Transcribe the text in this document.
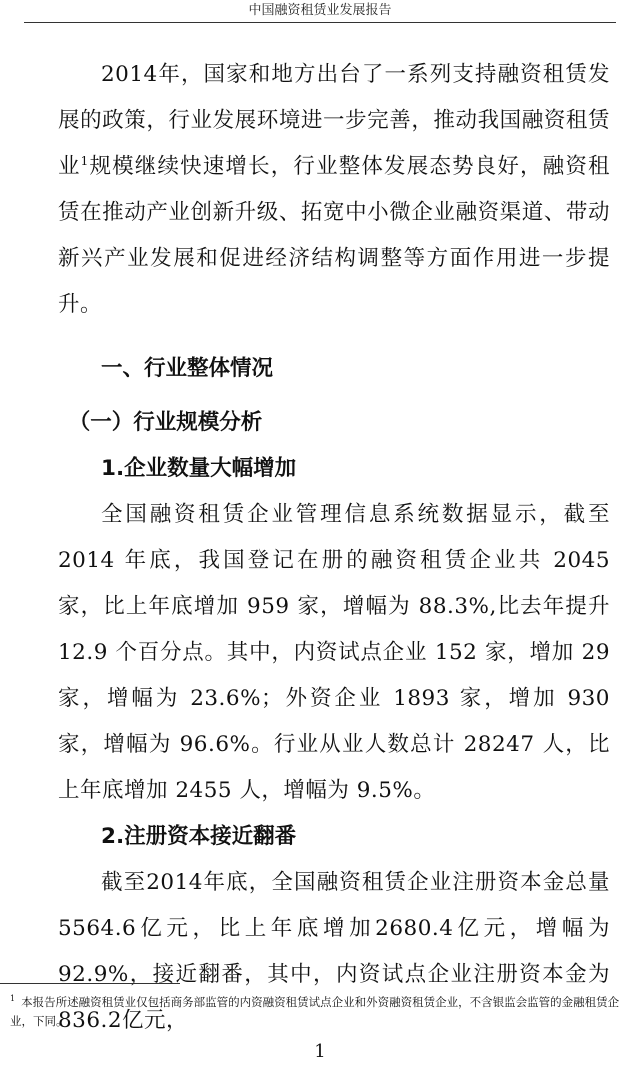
中国融资租赁业发展报告

2014年，国家和地方出台了一系列支持融资租赁发展的政策，行业发展环境进一步完善，推动我国融资租赁业$^1$规模继续快速增长，行业整体发展态势良好，融资租赁在推动产业创新升级、拓宽中小微企业融资渠道、带动新兴产业发展和促进经济结构调整等方面作用进一步提升。

一、行业整体情况
（一）行业规模分析
1.企业数量大幅增加

全国融资租赁企业管理信息系统数据显示，截至 2014 年底，我国登记在册的融资租赁企业共 2045 家，比上年底增加 959 家，增幅为 88.3%,比去年提升 12.9 个百分点。其中，内资试点企业 152 家，增加 29 家，增幅为 23.6%；外资企业 1893 家，增加 930 家，增幅为 96.6%。行业从业人数总计 28247 人，比上年底增加 2455 人，增幅为 9.5%。

2.注册资本接近翻番

截至2014年底，全国融资租赁企业注册资本金总量5564.6亿元，比上年底增加2680.4亿元，增幅为92.9%，接近翻番，其中，内资试点企业注册资本金为836.2亿元，

$^1$ 本报告所述融资租赁业仅包括商务部监管的内资融资租赁试点企业和外资融资租赁企业，不含银监会监管的金融租赁企业，下同。
1
